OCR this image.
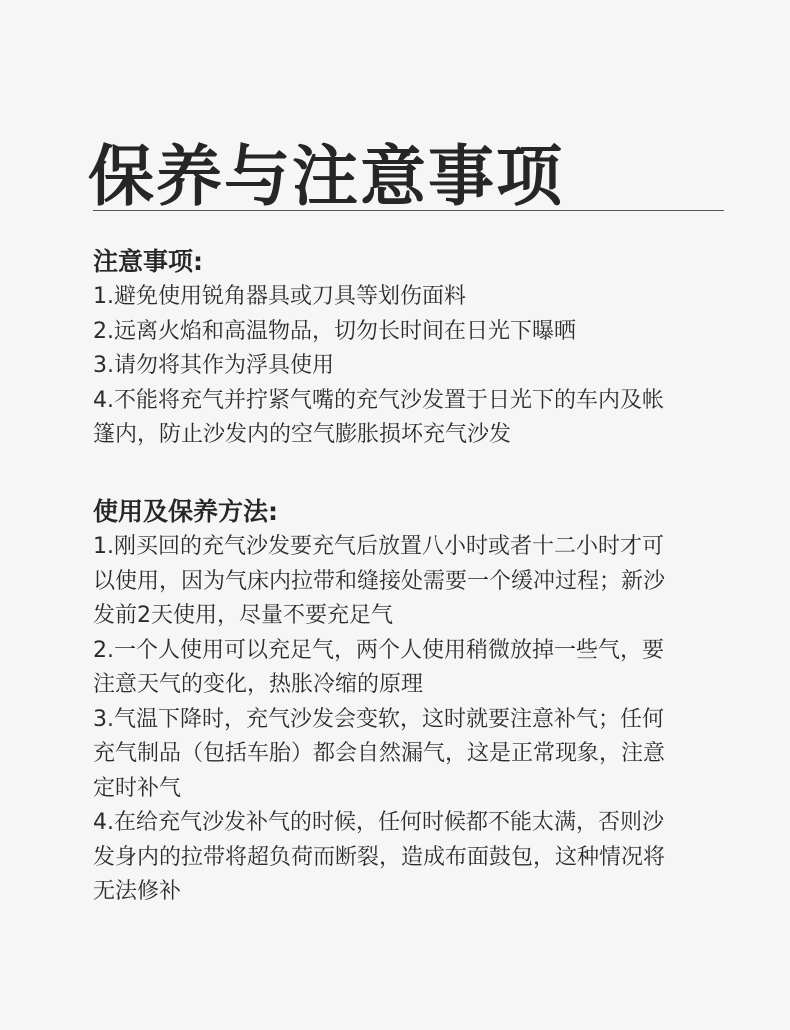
保养与注意事项
注意事项:
1.避免使用锐角器具或刀具等划伤面料
2.远离火焰和高温物品，切勿长时间在日光下曝晒
3.请勿将其作为浮具使用
4.不能将充气并拧紧气嘴的充气沙发置于日光下的车内及帐
篷内，防止沙发内的空气膨胀损坏充气沙发
使用及保养方法:
1.刚买回的充气沙发要充气后放置八小时或者十二小时才可
以使用，因为气床内拉带和缝接处需要一个缓冲过程；新沙
发前2天使用，尽量不要充足气
2.一个人使用可以充足气，两个人使用稍微放掉一些气，要
注意天气的变化，热胀冷缩的原理
3.气温下降时，充气沙发会变软，这时就要注意补气；任何
充气制品（包括车胎）都会自然漏气，这是正常现象，注意
定时补气
4.在给充气沙发补气的时候，任何时候都不能太满，否则沙
发身内的拉带将超负荷而断裂，造成布面鼓包，这种情况将
无法修补
